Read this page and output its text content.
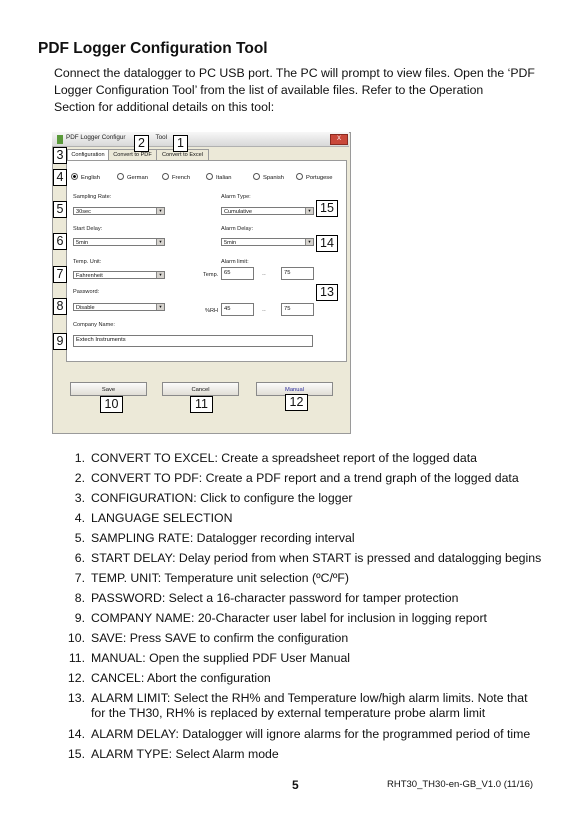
PDF Logger Configuration Tool
Connect the datalogger to PC USB port. The PC will prompt to view files. Open the ‘PDF
Logger Configuration Tool’ from the list of available files. Refer to the Operation
Section for additional details on this tool:
PDF Logger Configur	Tool	X
Configuration	Convert to PDF	Convert to Excel
English	German	French	Italian	Spanish	Portugese
Sampling Rate:
30sec	▼
Start Delay:
5min	▼
Temp. Unit:
Fahrenheit	▼
Password:
Disable	▼
Company Name:
Extech Instruments
Alarm Type:
Cumulative	▼
Alarm Delay:
5min	▼
Alarm limit:
Temp. 65	--	75
%RH	45	--	75
Save	Cancel	Manual
1
2
3
4
5
6
7
8
9
10	11	12
13
14
15
1. CONVERT TO EXCEL: Create a spreadsheet report of the logged data
2. CONVERT TO PDF: Create a PDF report and a trend graph of the logged data
3. CONFIGURATION: Click to configure the logger
4. LANGUAGE SELECTION
5. SAMPLING RATE: Datalogger recording interval
6. START DELAY: Delay period from when START is pressed and datalogging begins
7. TEMP. UNIT: Temperature unit selection (ºC/ºF)
8. PASSWORD: Select a 16-character password for tamper protection
9. COMPANY NAME: 20-Character user label for inclusion in logging report
10. SAVE: Press SAVE to confirm the configuration
11. MANUAL: Open the supplied PDF User Manual
12. CANCEL: Abort the configuration
13. ALARM LIMIT: Select the RH% and Temperature low/high alarm limits. Note that
for the TH30, RH% is replaced by external temperature probe alarm limit
14. ALARM DELAY: Datalogger will ignore alarms for the programmed period of time
15. ALARM TYPE: Select Alarm mode
5	RHT30_TH30-en-GB_V1.0 (11/16)
